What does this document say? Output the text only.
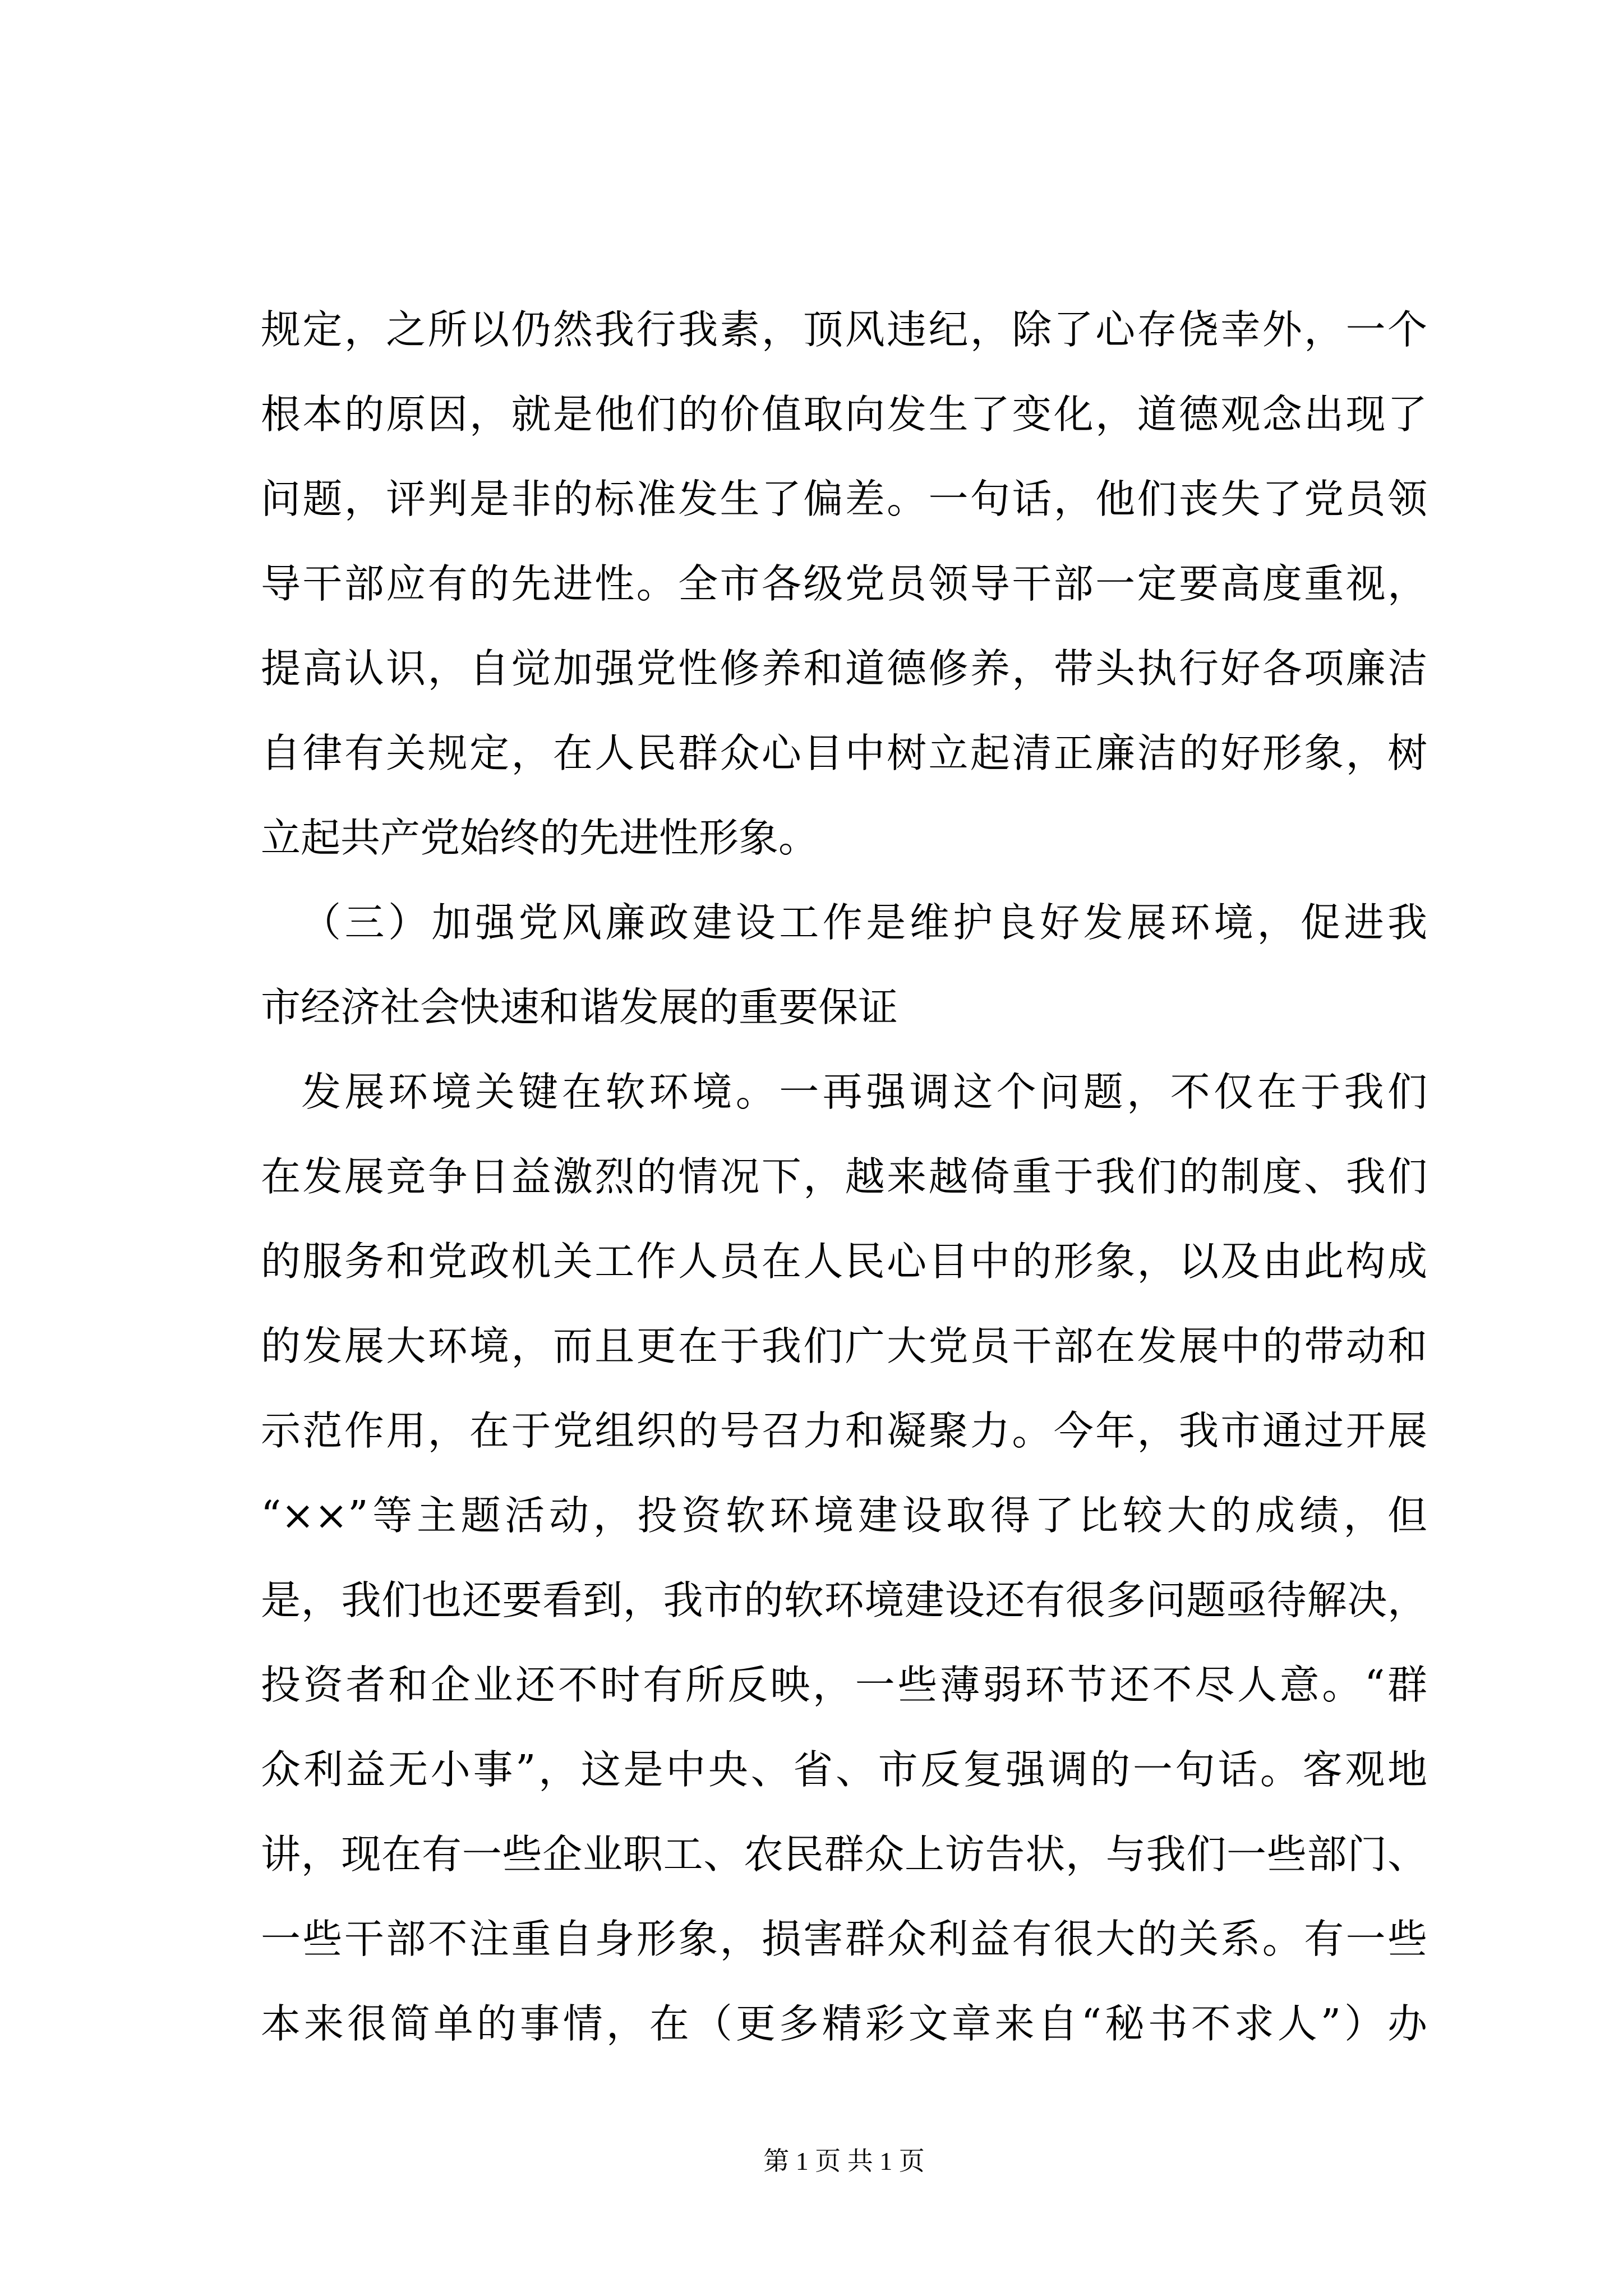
规定，之所以仍然我行我素，顶风违纪，除了心存侥幸外，一个
根本的原因，就是他们的价值取向发生了变化，道德观念出现了
问题，评判是非的标准发生了偏差。一句话，他们丧失了党员领
导干部应有的先进性。全市各级党员领导干部一定要高度重视，
提高认识，自觉加强党性修养和道德修养，带头执行好各项廉洁
自律有关规定，在人民群众心目中树立起清正廉洁的好形象，树
立起共产党始终的先进性形象。
（三）加强党风廉政建设工作是维护良好发展环境，促进我
市经济社会快速和谐发展的重要保证
发展环境关键在软环境。一再强调这个问题，不仅在于我们
在发展竞争日益激烈的情况下，越来越倚重于我们的制度、我们
的服务和党政机关工作人员在人民心目中的形象，以及由此构成
的发展大环境，而且更在于我们广大党员干部在发展中的带动和
示范作用，在于党组织的号召力和凝聚力。今年，我市通过开展
“××”等主题活动，投资软环境建设取得了比较大的成绩，但
是，我们也还要看到，我市的软环境建设还有很多问题亟待解决，
投资者和企业还不时有所反映，一些薄弱环节还不尽人意。“群
众利益无小事”，这是中央、省、市反复强调的一句话。客观地
讲，现在有一些企业职工、农民群众上访告状，与我们一些部门、
一些干部不注重自身形象，损害群众利益有很大的关系。有一些
本来很简单的事情，在（更多精彩文章来自“秘书不求人”）办
第 1 页 共 1 页
